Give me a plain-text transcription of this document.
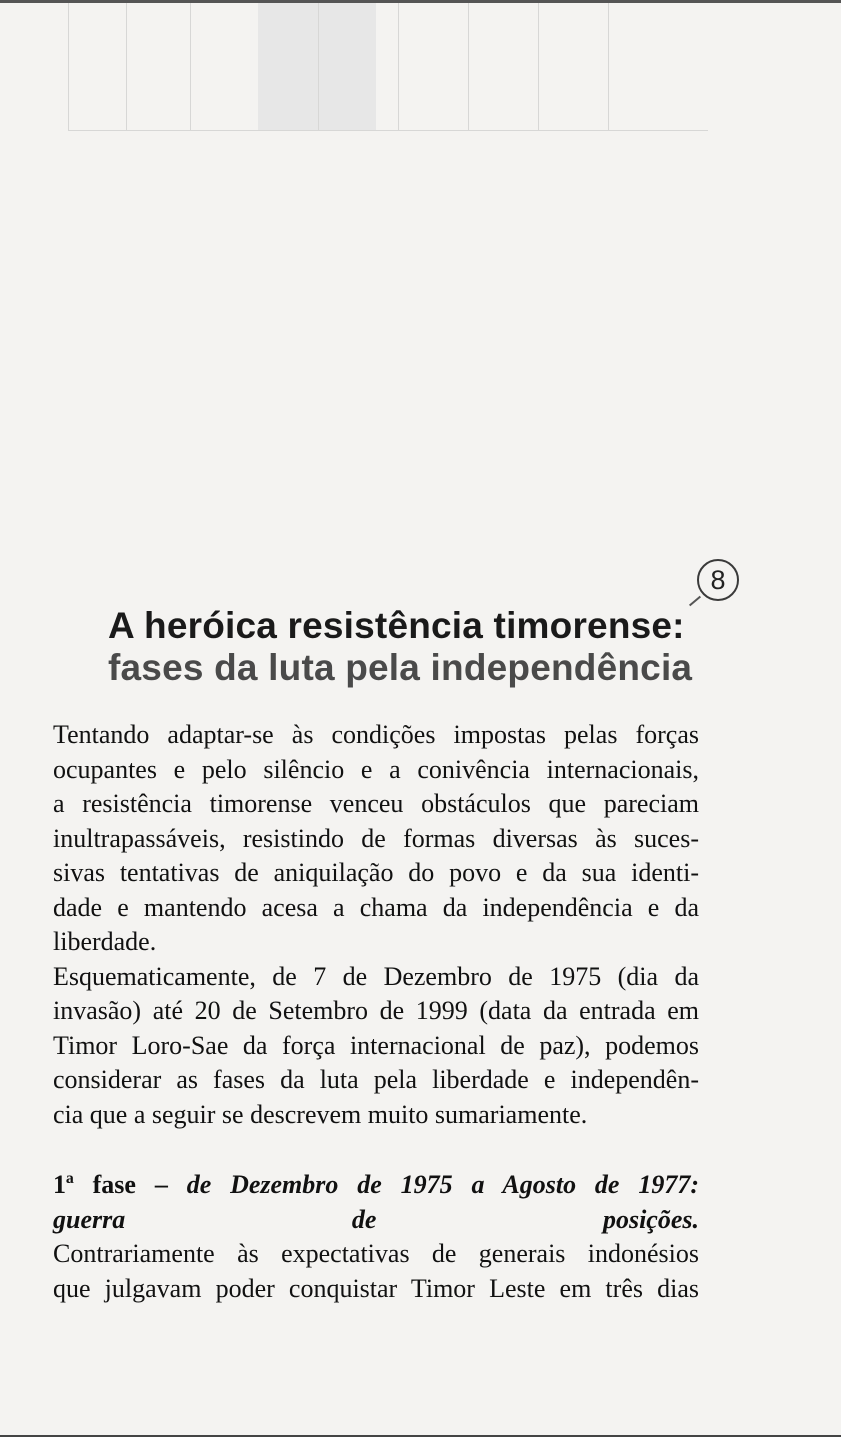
8
A heróica resistência timorense:
fases da luta pela independência

Tentando adaptar-se às condições impostas pelas forças
ocupantes e pelo silêncio e a conivência internacionais,
a resistência timorense venceu obstáculos que pareciam
inultrapassáveis, resistindo de formas diversas às suces-
sivas tentativas de aniquilação do povo e da sua identi-
dade e mantendo acesa a chama da independência e da
liberdade.

Esquematicamente, de 7 de Dezembro de 1975 (dia da
invasão) até 20 de Setembro de 1999 (data da entrada em
Timor Loro-Sae da força internacional de paz), podemos
considerar as fases da luta pela liberdade e independên-
cia que a seguir se descrevem muito sumariamente.

1ª fase – de Dezembro de 1975 a Agosto de 1977:
guerra de posições.

Contrariamente às expectativas de generais indonésios
que julgavam poder conquistar Timor Leste em três dias
